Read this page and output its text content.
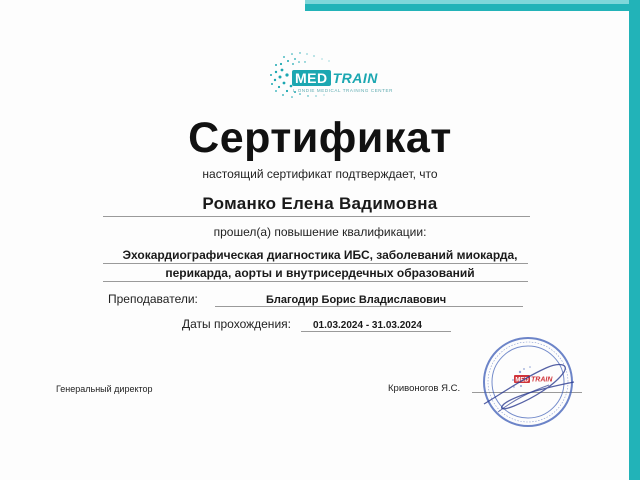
MED TRAIN
L ONDIE MEDICAL TRAINING CENTER
Сертификат
настоящий сертификат подтверждает, что
Романко Елена Вадимовна
прошел(а) повышение квалификации:
Эхокардиографическая диагностика ИБС, заболеваний миокарда,
перикарда, аорты и внутрисердечных образований
Преподаватели:	Благодир Борис Владиславович
Даты прохождения: 01.03.2024 - 31.03.2024
Генеральный директор	Кривоногов Я.С.
MED TRAIN
